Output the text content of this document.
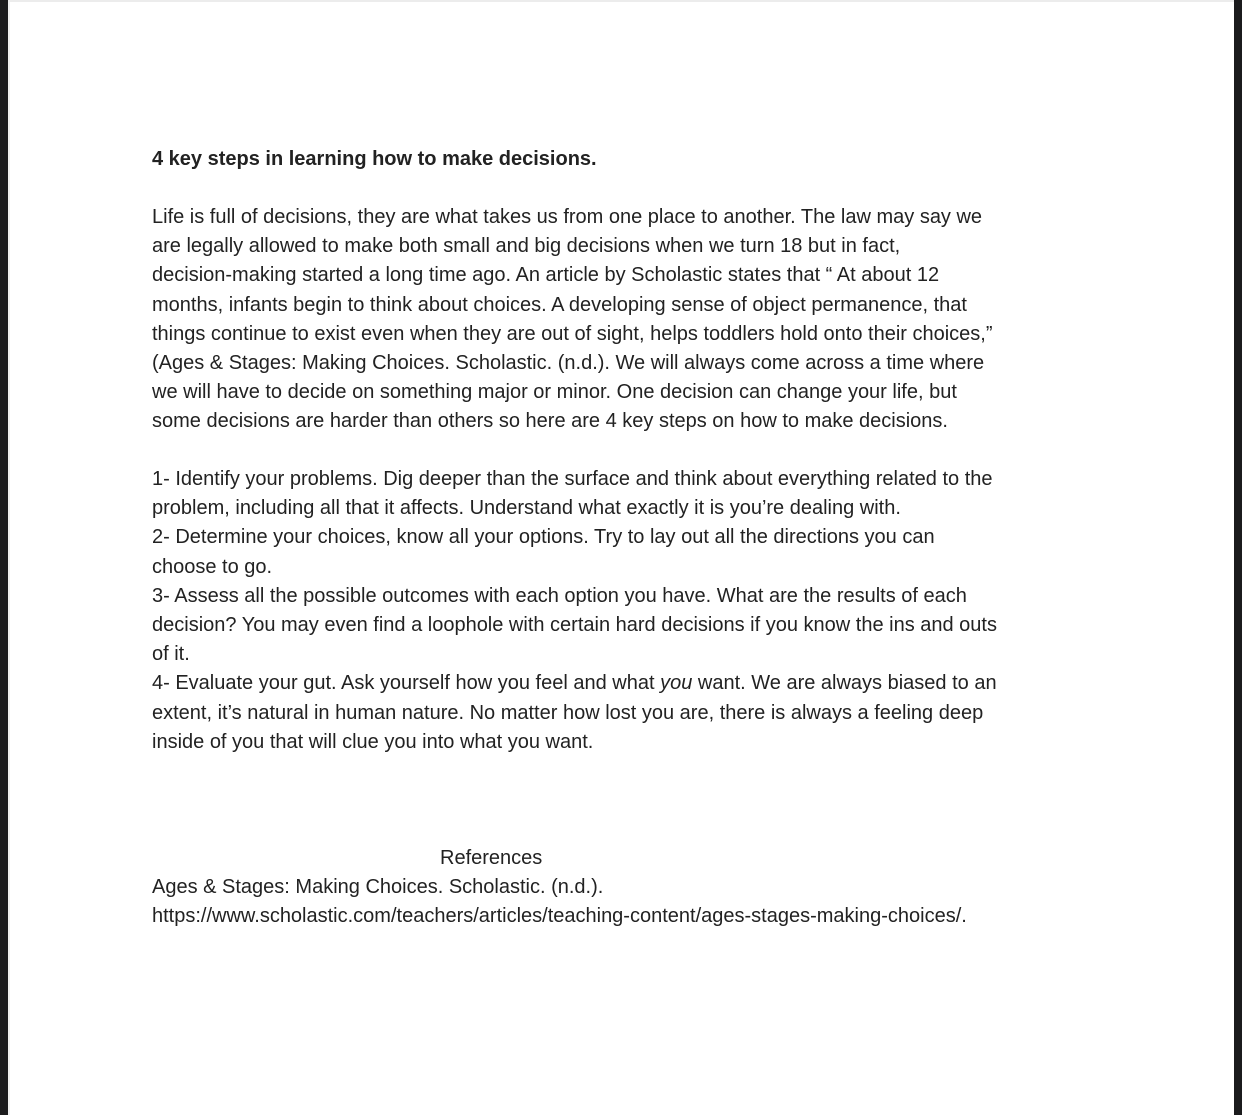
4 key steps in learning how to make decisions.

Life is full of decisions, they are what takes us from one place to another. The law may say we
are legally allowed to make both small and big decisions when we turn 18 but in fact,
decision-making started a long time ago. An article by Scholastic states that “ At about 12
months, infants begin to think about choices. A developing sense of object permanence, that
things continue to exist even when they are out of sight, helps toddlers hold onto their choices,”
(Ages & Stages: Making Choices. Scholastic. (n.d.). We will always come across a time where
we will have to decide on something major or minor. One decision can change your life, but
some decisions are harder than others so here are 4 key steps on how to make decisions.

1- Identify your problems. Dig deeper than the surface and think about everything related to the
problem, including all that it affects. Understand what exactly it is you’re dealing with.
2- Determine your choices, know all your options. Try to lay out all the directions you can
choose to go.
3- Assess all the possible outcomes with each option you have. What are the results of each
decision? You may even find a loophole with certain hard decisions if you know the ins and outs
of it.
4- Evaluate your gut. Ask yourself how you feel and what you want. We are always biased to an
extent, it’s natural in human nature. No matter how lost you are, there is always a feeling deep
inside of you that will clue you into what you want.
References
Ages & Stages: Making Choices. Scholastic. (n.d.).
https://www.scholastic.com/teachers/articles/teaching-content/ages-stages-making-choices/.
